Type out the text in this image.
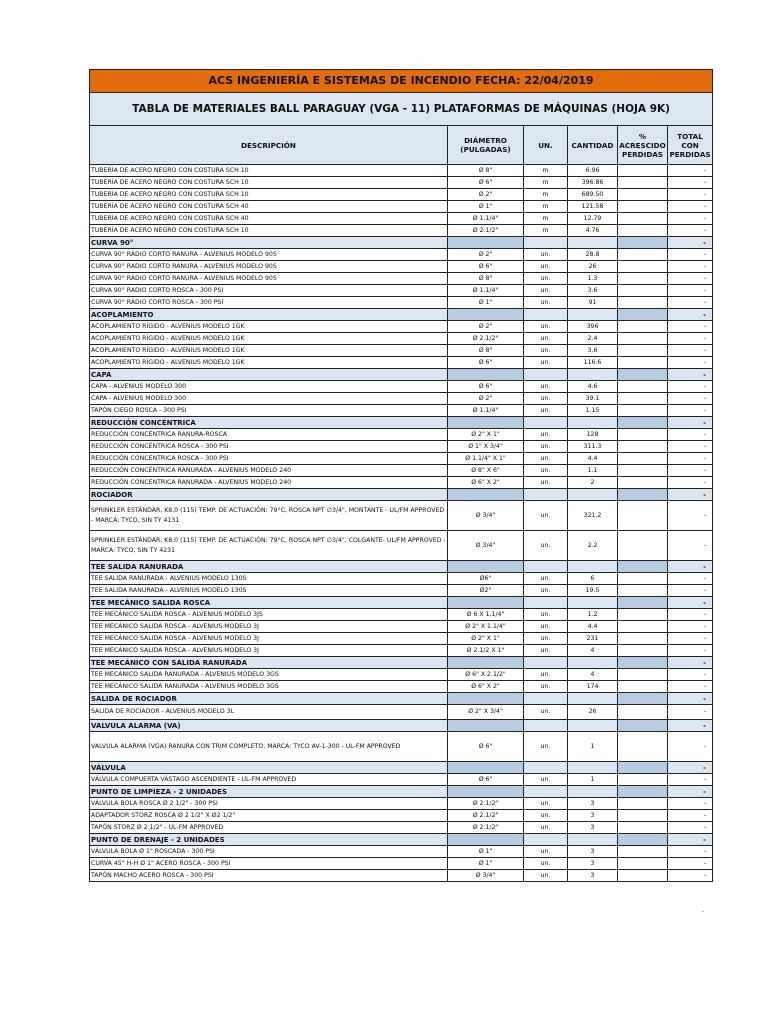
ACS INGENIERÍA E SISTEMAS DE INCENDIO FECHA: 22/04/2019					
TABLA DE MATERIALES BALL PARAGUAY (VGA - 11) PLATAFORMAS DE MÁQUINAS (HOJA 9K)					
DESCRIPCIÓN	DIÁMETRO (PULGADAS)	UN.	CANTIDAD	% ACRESCIDO PERDIDAS	TOTAL CON PERDIDAS
TUBERÍA DE ACERO NEGRO CON COSTURA SCH 10	Ø 8"	m	6.96		-
TUBERÍA DE ACERO NEGRO CON COSTURA SCH 10	Ø 6"	m	396.86		-
TUBERÍA DE ACERO NEGRO CON COSTURA SCH 10	Ø 2"	m	689.50		-
TUBERÍA DE ACERO NEGRO CON COSTURA SCH 40	Ø 1"	m	121.58		-
TUBERÍA DE ACERO NEGRO CON COSTURA SCH 40	Ø 1.1/4"	m	12.79		-
TUBERÍA DE ACERO NEGRO CON COSTURA SCH 10	Ø 2.1/2"	m	4.76		-
CURVA 90°					-
CURVA 90° RADIO CORTO RANURA - ALVENIUS MODELO 90S	Ø 2"	un.	28.8		-
CURVA 90° RADIO CORTO RANURA - ALVENIUS MODELO 90S	Ø 6"	un.	26		-
CURVA 90° RADIO CORTO RANURA - ALVENIUS MODELO 90S	Ø 8"	un.	1.3		-
CURVA 90° RADIO CORTO ROSCA - 300 PSI	Ø 1.1/4"	un.	3.6		-
CURVA 90° RADIO CORTO ROSCA - 300 PSI	Ø 1"	un.	91		-
ACOPLAMIENTO					-
ACOPLAMIENTO RÍGIDO - ALVENIUS MODELO 1GK	Ø 2"	un.	396		-
ACOPLAMIENTO RÍGIDO - ALVENIUS MODELO 1GK	Ø 2.1/2"	un.	2.4		-
ACOPLAMIENTO RÍGIDO - ALVENIUS MODELO 1GK	Ø 8"	un.	3.6		-
ACOPLAMIENTO RÍGIDO - ALVENIUS MODELO 1GK	Ø 6"	un.	116.6		-
CAPA					-
CAPA - ALVENIUS MODELO 300	Ø 6"	un.	4.6		-
CAPA - ALVENIUS MODELO 300	Ø 2"	un.	39.1		-
TAPÓN CIEGO ROSCA - 300 PSI	Ø 1.1/4"	un.	1.15		-
REDUCCIÓN CONCÉNTRICA					-
REDUCCIÓN CONCÉNTRICA RANURA-ROSCA	Ø 2" X 1"	un.	128		-
REDUCCIÓN CONCÉNTRICA ROSCA - 300 PSI	Ø 1" X 3/4"	un.	311.3		-
REDUCCIÓN CONCÉNTRICA ROSCA - 300 PSI	Ø 1.1/4" X 1"	un.	4.4		-
REDUCCIÓN CONCÉNTRICA RANURADA - ALVENIUS MODELO 240	Ø 8" X 6"	un.	1.1		-
REDUCCIÓN CONCÉNTRICA RANURADA - ALVENIUS MODELO 240	Ø 6" X 2"	un.	2		-
ROCIADOR					-
SPRINKLER ESTÁNDAR, K8,0 (115) TEMP. DE ACTUACIÓN: 79°C, ROSCA NPT ∅3/4", MONTANTE - UL/FM APPROVED - MARCA: TYCO, SIN TY 4131	Ø 3/4"	un.	321.2		-
SPRINKLER ESTÁNDAR, K8,0 (115) TEMP. DE ACTUACIÓN: 79°C, ROSCA NPT ∅3/4", COLGANTE- UL/FM APPROVED - MARCA: TYCO, SIN TY 4231	Ø 3/4"	un.	2.2		-
TEE SALIDA RANURADA					-
TEE SALIDA RANURADA - ALVENIUS MODELO 130S	Ø6"	un.	6		-
TEE SALIDA RANURADA - ALVENIUS MODELO 130S	Ø2"	un.	19.5		-
TEE MECÁNICO SALIDA ROSCA					-
TEE MECÁNICO SALIDA ROSCA - ALVENIUS MODELO 3JS	Ø 6 X 1.1/4"	un.	1.2		-
TEE MECÁNICO SALIDA ROSCA - ALVENIUS MODELO 3J	Ø 2" X 1.1/4"	un.	4.4		-
TEE MECÁNICO SALIDA ROSCA - ALVENIUS MODELO 3J	Ø 2" X 1"	un.	231		-
TEE MECÁNICO SALIDA ROSCA - ALVENIUS MODELO 3J	Ø 2.1/2 X 1"	un.	4		-
TEE MECÁNICO CON SALIDA RANURADA					-
TEE MECÁNICO SALIDA RANURADA - ALVENIUS MODELO 3GS	Ø 6" X 2.1/2"	un.	4		-
TEE MECÁNICO SALIDA RANURADA - ALVENIUS MODELO 3GS	Ø 6" X 2"	un.	174		-
SALIDA DE ROCIADOR					-
SALIDA DE ROCIADOR - ALVENIUS MODELO 3L	Ø 2" X 3/4"	un.	26		-
VALVULA ALARMA (VA)					-
VALVULA ALARMA (VGA) RANURA CON TRIM COMPLETO, MARCA: TYCO AV-1-300 - UL-FM APPROVED	Ø 6"	un.	1		-
VÁLVULA					-
VÁLVULA COMPUERTA VÁSTAGO ASCENDIENTE - UL-FM APPROVED	Ø 6"	un.	1		-
PUNTO DE LIMPIEZA - 2 UNIDADES					-
VÁLVULA BOLA ROSCA Ø 2 1/2" - 300 PSI	Ø 2.1/2"	un.	3		-
ADAPTADOR STORZ ROSCA Ø 2 1/2" X Ø2 1/2"	Ø 2.1/2"	un.	3		-
TAPÓN STORZ Ø 2 1/2" - UL-FM APPROVED	Ø 2.1/2"	un.	3		-
PUNTO DE DRENAJE - 2 UNIDADES					-
VÁLVULA BOLA Ø 1" ROSCADA - 300 PSI	Ø 1"	un.	3		-
CURVA 45° H-H Ø 1" ACERO ROSCA - 300 PSI	Ø 1"	un.	3		-
TAPÓN MACHO ACERO ROSCA - 300 PSI	Ø 3/4"	un.	3		-
-
